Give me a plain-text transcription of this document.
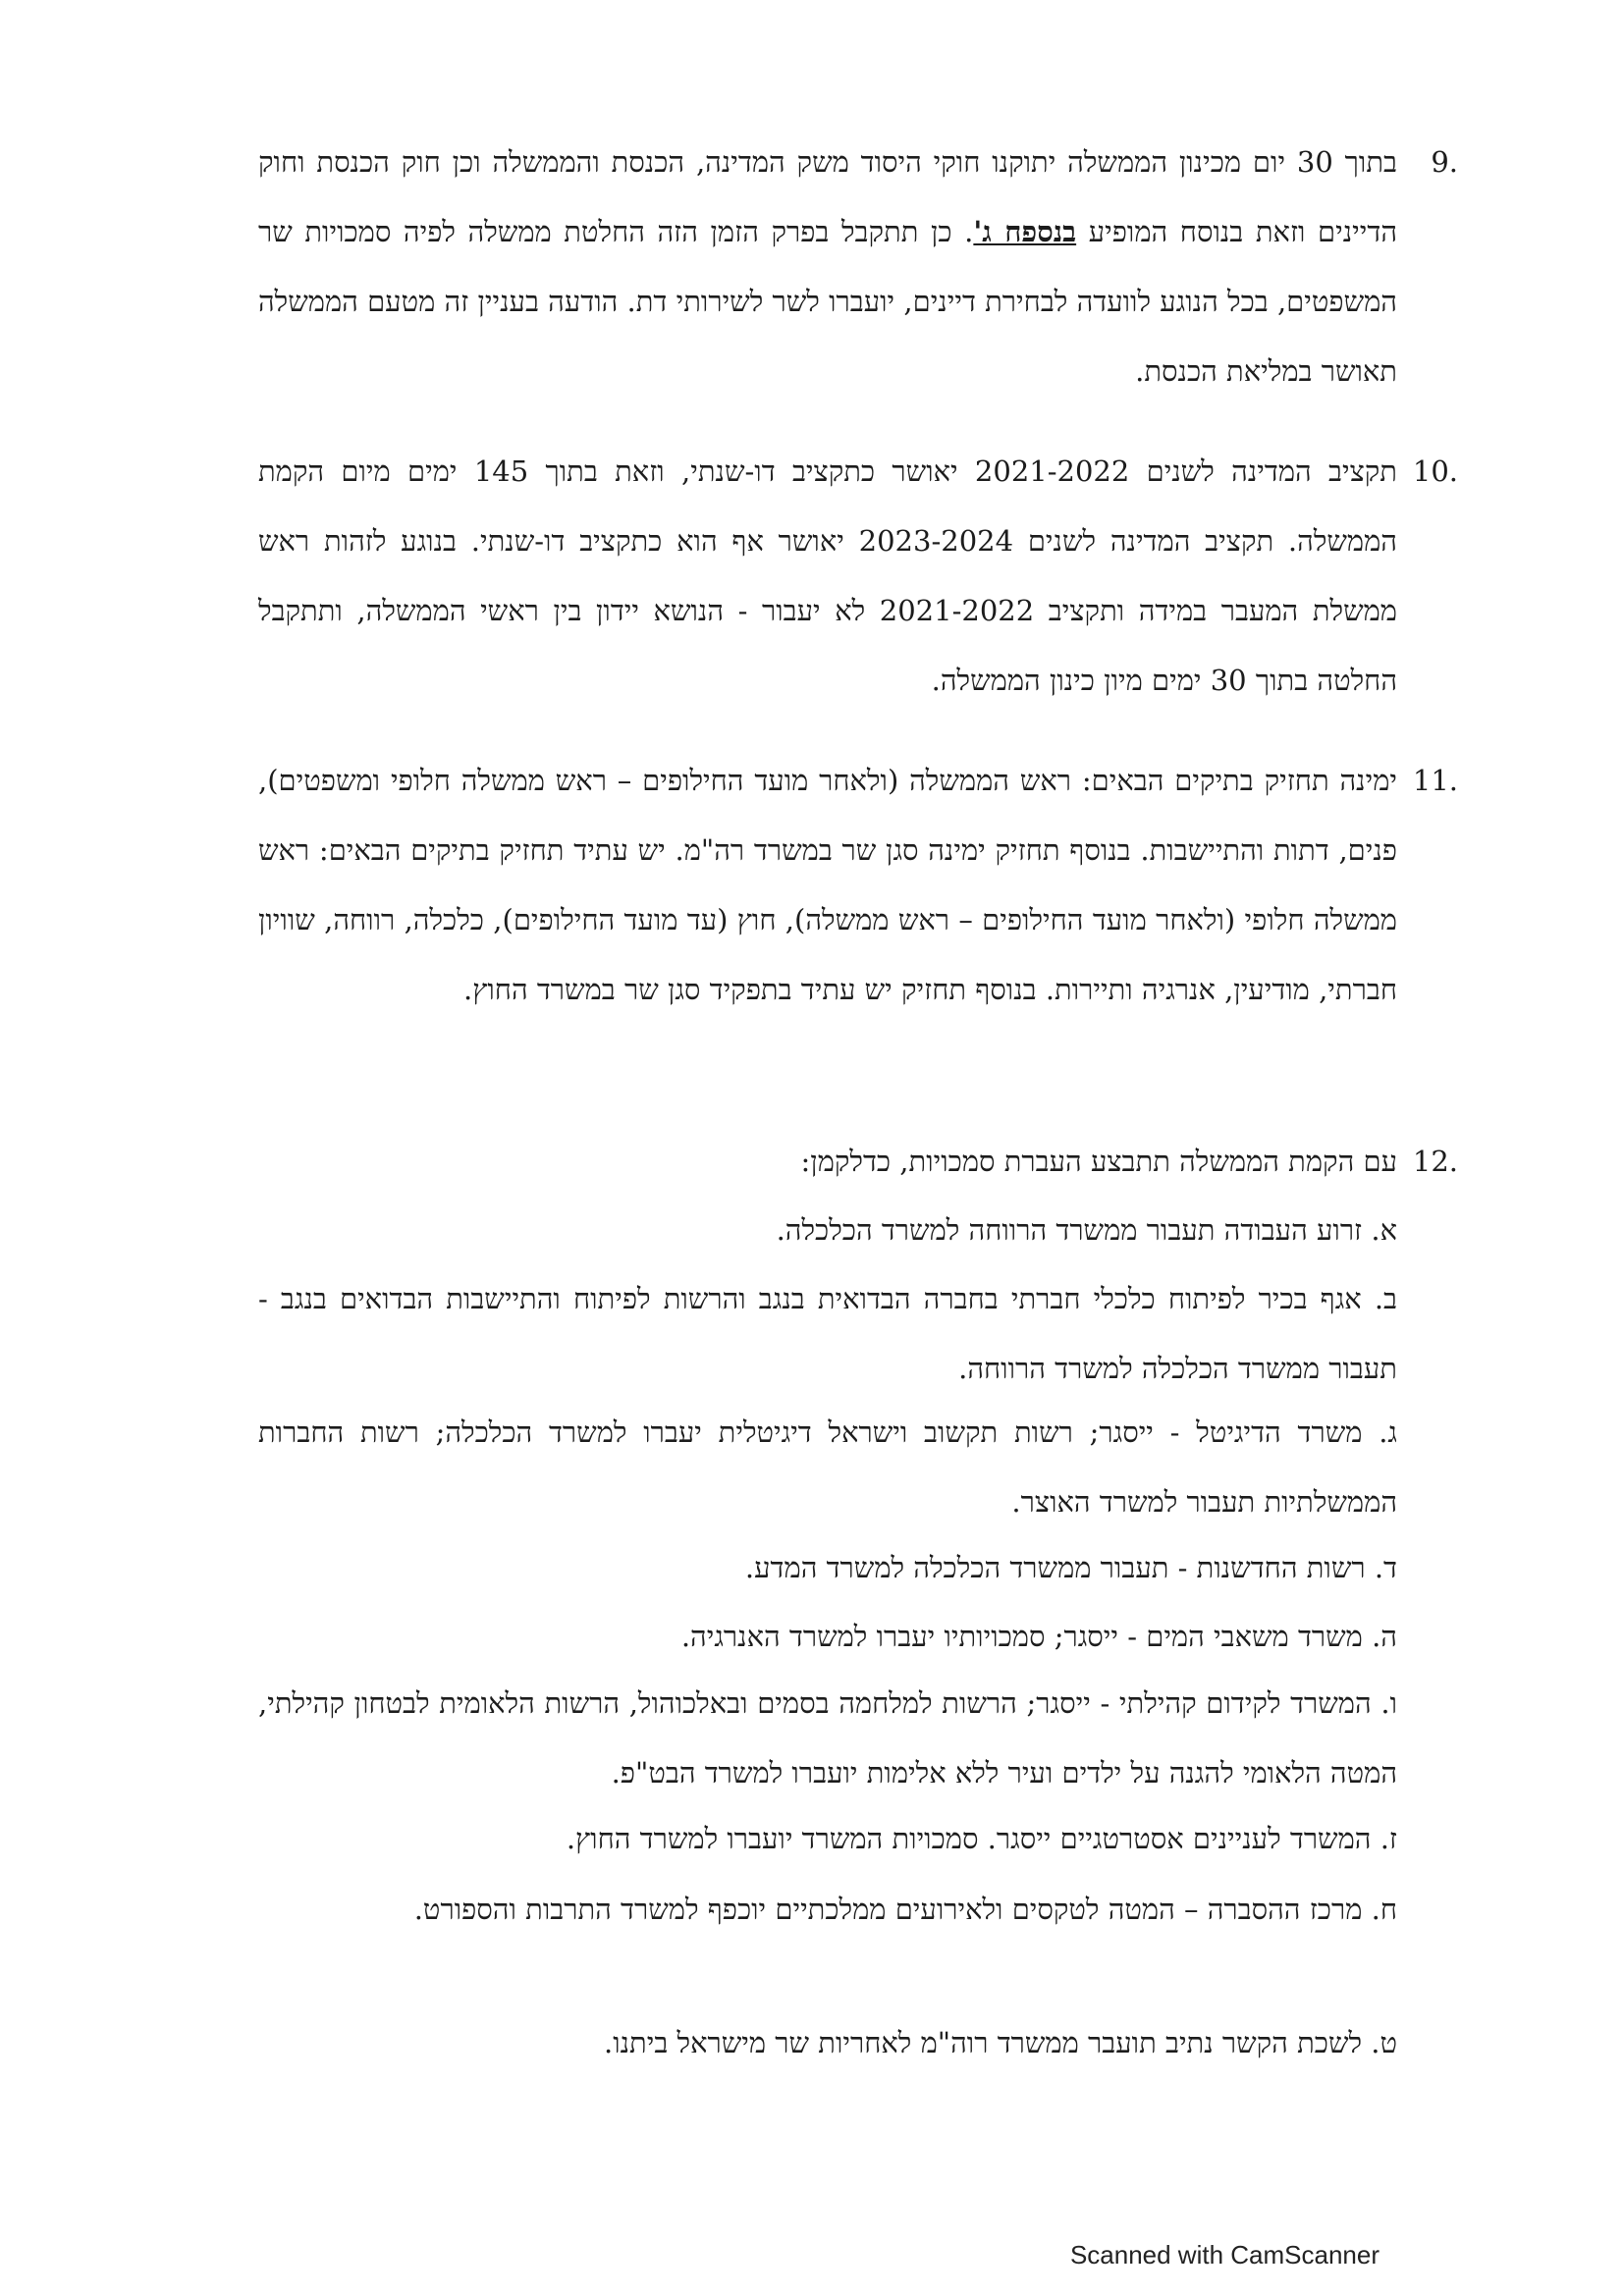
9.

בתוך 30 יום מכינון הממשלה יתוקנו חוקי היסוד משק המדינה, הכנסת והממשלה וכן חוק הכנסת וחוק הדיינים וזאת בנוסח המופיע בנספח ג'. כן תתקבל בפרק הזמן הזה החלטת ממשלה לפיה סמכויות שר המשפטים, בכל הנוגע לוועדה לבחירת דיינים, יועברו לשר לשירותי דת. הודעה בעניין זה מטעם הממשלה תאושר במליאת הכנסת.

10.

תקציב המדינה לשנים 2021-2022 יאושר כתקציב דו-שנתי, וזאת בתוך 145 ימים מיום הקמת הממשלה. תקציב המדינה לשנים 2023-2024 יאושר אף הוא כתקציב דו-שנתי. בנוגע לזהות ראש ממשלת המעבר במידה ותקציב 2021-2022 לא יעבור - הנושא יידון בין ראשי הממשלה, ותתקבל החלטה בתוך 30 ימים מיון כינון הממשלה.

11.

ימינה תחזיק בתיקים הבאים: ראש הממשלה (ולאחר מועד החילופים – ראש ממשלה חלופי ומשפטים), פנים, דתות והתיישבות. בנוסף תחזיק ימינה סגן שר במשרד רה"מ. יש עתיד תחזיק בתיקים הבאים: ראש ממשלה חלופי (ולאחר מועד החילופים – ראש ממשלה), חוץ (עד מועד החילופים), כלכלה, רווחה, שוויון חברתי, מודיעין, אנרגיה ותיירות. בנוסף תחזיק יש עתיד בתפקיד סגן שר במשרד החוץ.

12.

עם הקמת הממשלה תתבצע העברת סמכויות, כדלקמן:

א. זרוע העבודה תעבור ממשרד הרווחה למשרד הכלכלה.
ב. אגף בכיר לפיתוח כלכלי חברתי בחברה הבדואית בנגב והרשות לפיתוח והתיישבות הבדואים בנגב - תעבור ממשרד הכלכלה למשרד הרווחה.
ג. משרד הדיגיטל - ייסגר; רשות תקשוב וישראל דיגיטלית יעברו למשרד הכלכלה; רשות החברות הממשלתיות תעבור למשרד האוצר.
ד. רשות החדשנות - תעבור ממשרד הכלכלה למשרד המדע.
ה. משרד משאבי המים - ייסגר; סמכויותיו יעברו למשרד האנרגיה.
ו. המשרד לקידום קהילתי - ייסגר; הרשות למלחמה בסמים ובאלכוהול, הרשות הלאומית לבטחון קהילתי, המטה הלאומי להגנה על ילדים ועיר ללא אלימות יועברו למשרד הבט"פ.
ז. המשרד לעניינים אסטרטגיים ייסגר. סמכויות המשרד יועברו למשרד החוץ.
ח. מרכז ההסברה – המטה לטקסים ולאירועים ממלכתיים יוכפף למשרד התרבות והספורט.
ט. לשכת הקשר נתיב תועבר ממשרד רוה"מ לאחריות שר מישראל ביתנו.
Scanned with CamScanner
